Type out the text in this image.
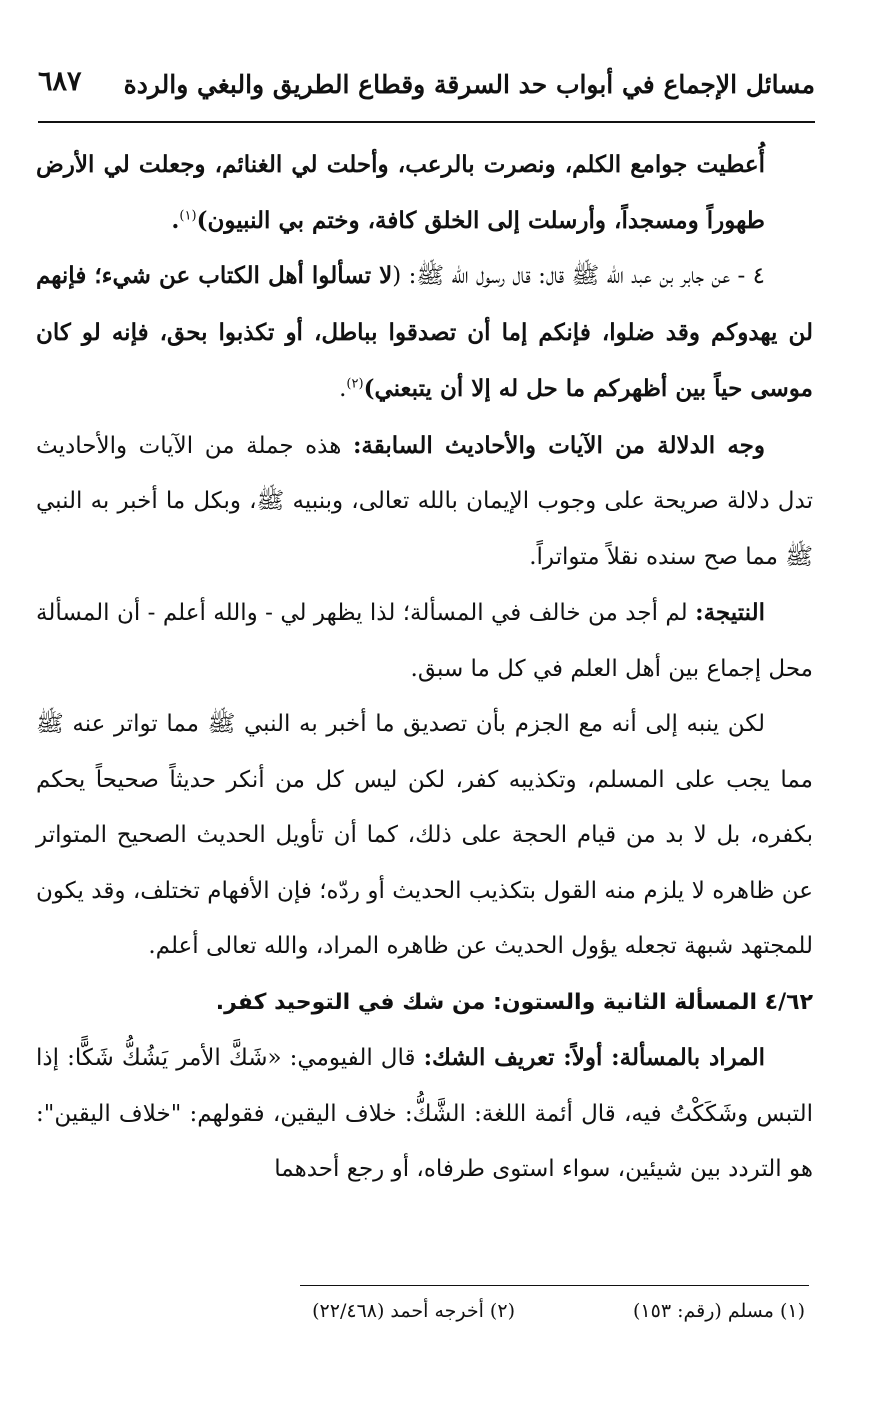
مسائل الإجماع في أبواب حد السرقة وقطاع الطريق والبغي والردة
٦٨٧

أُعطيت جوامع الكلم، ونصرت بالرعب، وأحلت لي الغنائم، وجعلت لي الأرض طهوراً ومسجداً، وأرسلت إلى الخلق كافة، وختم بي النبيون)$^{(١)}$.

٤ - عن جابر بن عبد الله ﷺ قال: قال رسول الله ﷺ: (لا تسألوا أهل الكتاب عن شيء؛ فإنهم لن يهدوكم وقد ضلوا، فإنكم إما أن تصدقوا بباطل، أو تكذبوا بحق، فإنه لو كان موسى حياً بين أظهركم ما حل له إلا أن يتبعني)$^{(٢)}$.

وجه الدلالة من الآيات والأحاديث السابقة: هذه جملة من الآيات والأحاديث تدل دلالة صريحة على وجوب الإيمان بالله تعالى، وبنبيه ﷺ، وبكل ما أخبر به النبي ﷺ مما صح سنده نقلاً متواتراً.

النتيجة: لم أجد من خالف في المسألة؛ لذا يظهر لي - والله أعلم - أن المسألة محل إجماع بين أهل العلم في كل ما سبق.

لكن ينبه إلى أنه مع الجزم بأن تصديق ما أخبر به النبي ﷺ مما تواتر عنه ﷺ مما يجب على المسلم، وتكذيبه كفر، لكن ليس كل من أنكر حديثاً صحيحاً يحكم بكفره، بل لا بد من قيام الحجة على ذلك، كما أن تأويل الحديث الصحيح المتواتر عن ظاهره لا يلزم منه القول بتكذيب الحديث أو ردّه؛ فإن الأفهام تختلف، وقد يكون للمجتهد شبهة تجعله يؤول الحديث عن ظاهره المراد، والله تعالى أعلم.

٤/٦٢ المسألة الثانية والستون: من شك في التوحيد كفر.

المراد بالمسألة: أولاً: تعريف الشك: قال الفيومي: «شَكَّ الأمر يَشُكُّ شَكًّا: إذا التبس وشَكَكْتُ فيه، قال أئمة اللغة: الشَّكُّ: خلاف اليقين، فقولهم: "خلاف اليقين": هو التردد بين شيئين، سواء استوى طرفاه، أو رجع أحدهما

(١) مسلم (رقم: ١٥٣)
(٢) أخرجه أحمد (٢٢/٤٦٨)
